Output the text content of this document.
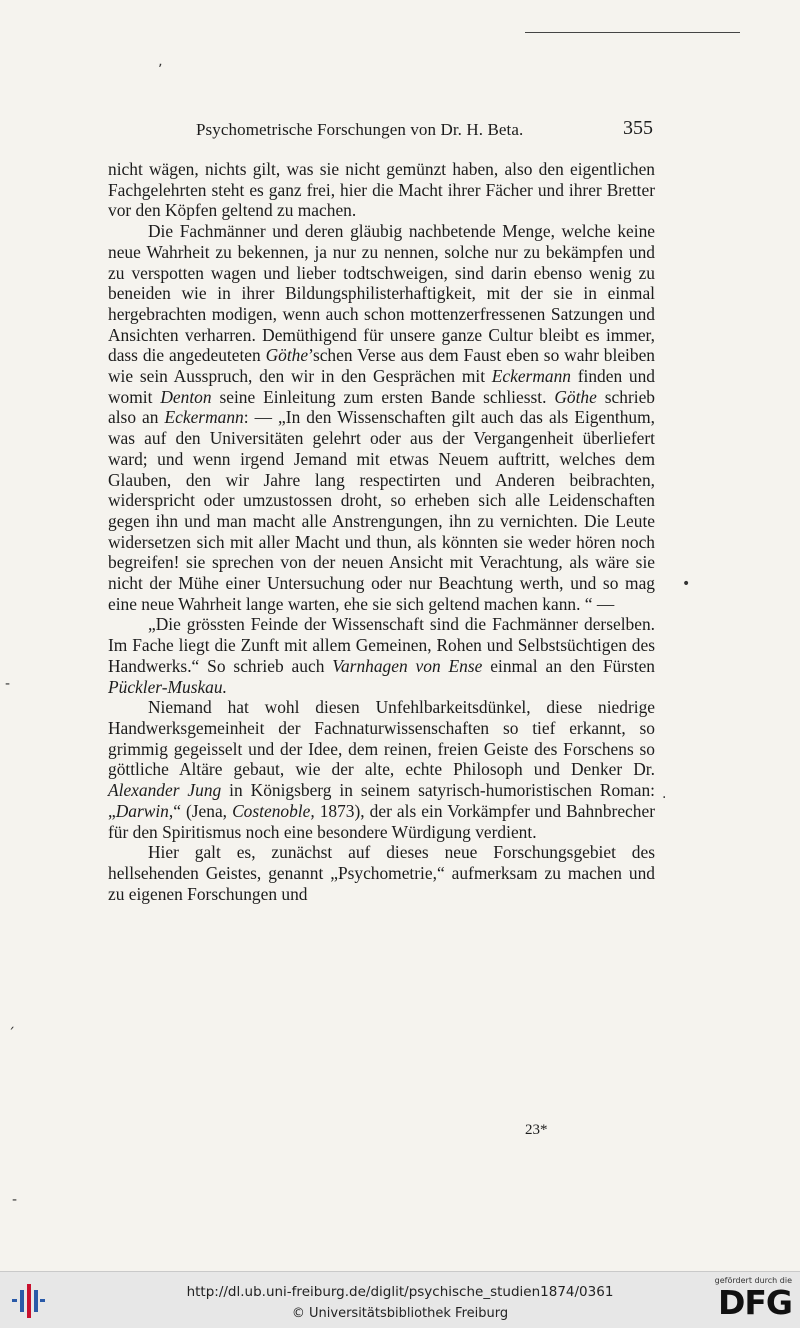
ʼ
•
-
·
ˏ
-
Psychometrische Forschungen von Dr. H. Beta.	355

nicht wägen, nichts gilt, was sie nicht gemünzt haben, also den eigentlichen Fachgelehrten steht es ganz frei, hier die Macht ihrer Fächer und ihrer Bretter vor den Köpfen geltend zu machen.

Die Fachmänner und deren gläubig nachbetende Menge, welche keine neue Wahrheit zu bekennen, ja nur zu nennen, solche nur zu bekämpfen und zu verspotten wagen und lieber todtschweigen, sind darin ebenso wenig zu beneiden wie in ihrer Bildungsphilisterhaftigkeit, mit der sie in einmal hergebrachten modigen, wenn auch schon mottenzerfressenen Satzungen und Ansichten verharren. Demüthigend für unsere ganze Cultur bleibt es immer, dass die angedeuteten Göthe’schen Verse aus dem Faust eben so wahr bleiben wie sein Ausspruch, den wir in den Gesprächen mit Eckermann finden und womit Denton seine Einleitung zum ersten Bande schliesst. Göthe schrieb also an Eckermann: — „In den Wissenschaften gilt auch das als Eigenthum, was auf den Universitäten gelehrt oder aus der Vergangenheit überliefert ward; und wenn irgend Jemand mit etwas Neuem auftritt, welches dem Glauben, den wir Jahre lang respectirten und Anderen beibrachten, widerspricht oder umzustossen droht, so erheben sich alle Leidenschaften gegen ihn und man macht alle Anstrengungen, ihn zu vernichten. Die Leute widersetzen sich mit aller Macht und thun, als könnten sie weder hören noch begreifen! sie sprechen von der neuen Ansicht mit Verachtung, als wäre sie nicht der Mühe einer Untersuchung oder nur Beachtung werth, und so mag eine neue Wahrheit lange warten, ehe sie sich geltend machen kann. “ —

„Die grössten Feinde der Wissenschaft sind die Fachmänner derselben. Im Fache liegt die Zunft mit allem Gemeinen, Rohen und Selbstsüchtigen des Handwerks.“ So schrieb auch Varnhagen von Ense einmal an den Fürsten Pückler-Muskau.

Niemand hat wohl diesen Unfehlbarkeitsdünkel, diese niedrige Handwerksgemeinheit der Fachnaturwissenschaften so tief erkannt, so grimmig gegeisselt und der Idee, dem reinen, freien Geiste des Forschens so göttliche Altäre gebaut, wie der alte, echte Philosoph und Denker Dr. Alexander Jung in Königsberg in seinem satyrisch-humoristischen Roman: „Darwin,“ (Jena, Costenoble, 1873), der als ein Vorkämpfer und Bahnbrecher für den Spiritismus noch eine besondere Würdigung verdient.

Hier galt es, zunächst auf dieses neue Forschungsgebiet des hellsehenden Geistes, genannt „Psychometrie,“ aufmerksam zu machen und zu eigenen Forschungen und

23*
http://dl.ub.uni-freiburg.de/diglit/psychische_studien1874/0361
© Universitätsbibliothek Freiburg
gefördert durch die
DFG
